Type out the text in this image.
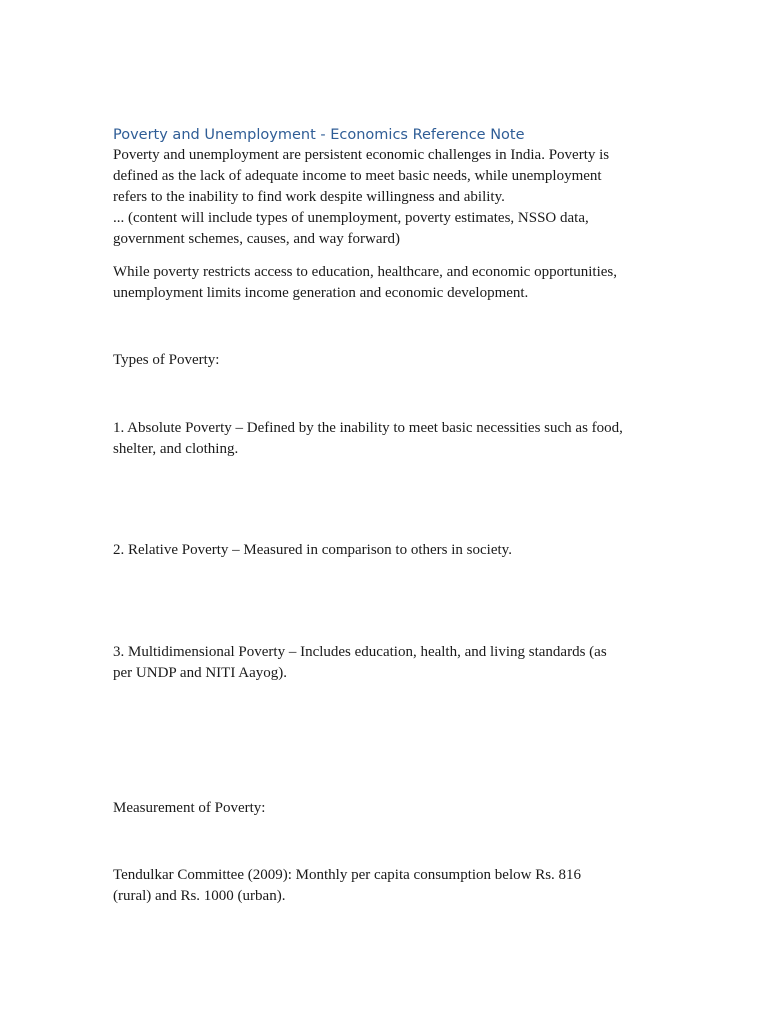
Poverty and Unemployment - Economics Reference Note
Poverty and unemployment are persistent economic challenges in India. Poverty is
defined as the lack of adequate income to meet basic needs, while unemployment
refers to the inability to find work despite willingness and ability.
... (content will include types of unemployment, poverty estimates, NSSO data,
government schemes, causes, and way forward)
While poverty restricts access to education, healthcare, and economic opportunities,
unemployment limits income generation and economic development.
Types of Poverty:
1. Absolute Poverty – Defined by the inability to meet basic necessities such as food,
shelter, and clothing.
2. Relative Poverty – Measured in comparison to others in society.
3. Multidimensional Poverty – Includes education, health, and living standards (as
per UNDP and NITI Aayog).
Measurement of Poverty:
Tendulkar Committee (2009): Monthly per capita consumption below Rs. 816
(rural) and Rs. 1000 (urban).
